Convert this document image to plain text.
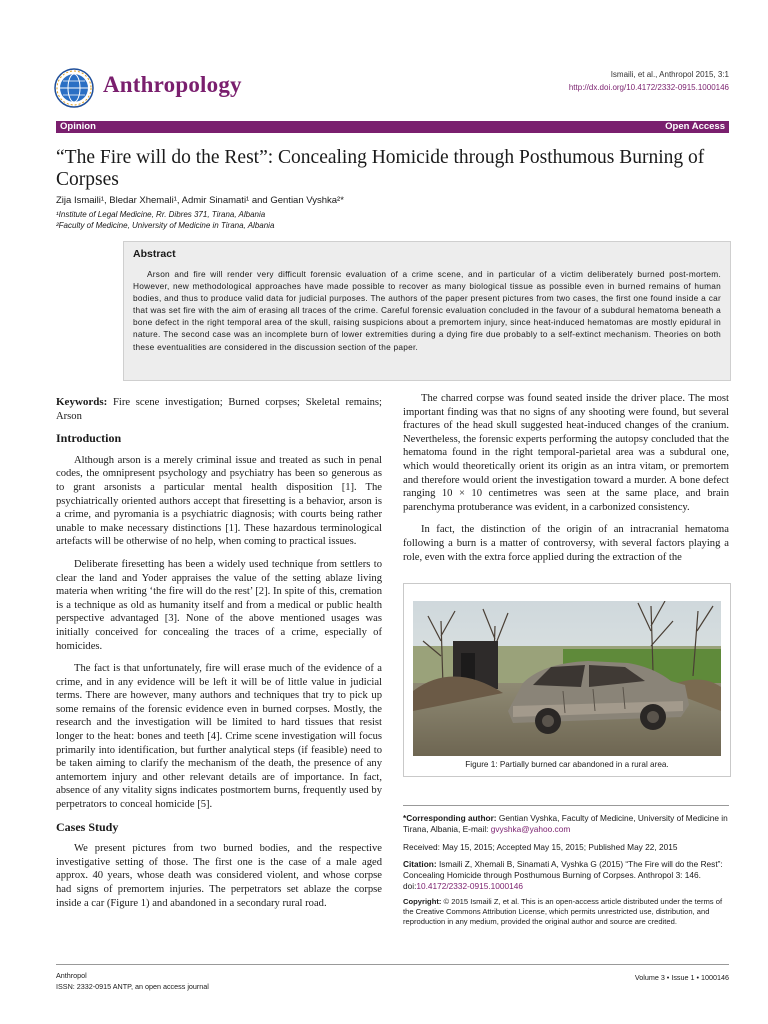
Anthropology	Ismaili, et al., Anthropol 2015, 3:1
http://dx.doi.org/10.4172/2332-0915.1000146
Opinion	Open Access
“The Fire will do the Rest”: Concealing Homicide through Posthumous Burning of Corpses
Zija Ismaili¹, Bledar Xhemali¹, Admir Sinamati¹ and Gentian Vyshka²*
¹Institute of Legal Medicine, Rr. Dibres 371, Tirana, Albania
²Faculty of Medicine, University of Medicine in Tirana, Albania
Abstract
Arson and fire will render very difficult forensic evaluation of a crime scene, and in particular of a victim deliberately burned post-mortem. However, new methodological approaches have made possible to recover as many biological tissue as possible even in burned remains of human bodies, and thus to produce valid data for judicial purposes. The authors of the paper present pictures from two cases, the first one found inside a car that was set fire with the aim of erasing all traces of the crime. Careful forensic evaluation concluded in the favour of a subdural hematoma beneath a bone defect in the right temporal area of the skull, raising suspicions about a premortem injury, since heat-induced hematomas are mostly epidural in nature. The second case was an incomplete burn of lower extremities during a dying fire due probably to a self-extinct mechanism. Theories on both these eventualities are considered in the discussion section of the paper.

Keywords: Fire scene investigation; Burned corpses; Skeletal remains; Arson

Introduction

Although arson is a merely criminal issue and treated as such in penal codes, the omnipresent psychology and psychiatry has been so generous as to grant arsonists a particular mental health disposition [1]. The psychiatrically oriented authors accept that firesetting is a behavior, arson is a crime, and pyromania is a psychiatric diagnosis; with courts being rather unable to make necessary distinctions [1]. These hazardous terminological artefacts will be otherwise of no help, when coming to practical issues.

Deliberate firesetting has been a widely used technique from settlers to clear the land and Yoder appraises the value of the setting ablaze living materia when writing ‘the fire will do the rest’ [2]. In spite of this, cremation is a technique as old as humanity itself and from a medical or public health perspective advantaged [3]. None of the above mentioned usages was initially conceived for concealing the traces of a crime, especially of homicides.

The fact is that unfortunately, fire will erase much of the evidence of a crime, and in any evidence will be left it will be of little value in judicial terms. There are however, many authors and techniques that try to pick up some remains of the forensic evidence even in burned corpses. Mostly, the research and the investigation will be limited to hard tissues that resist longer to the heat: bones and teeth [4]. Crime scene investigation will focus primarily into identification, but further analytical steps (if feasible) need to be taken aiming to clarify the mechanism of the death, the presence of any antemortem injury and other relevant details are of importance. In fact, absence of any vitality signs indicates postmortem burns, frequently used by perpetrators to conceal homicide [5].

Cases Study

We present pictures from two burned bodies, and the respective investigative setting of those. The first one is the case of a male aged approx. 40 years, whose death was considered violent, and whose corpse had signs of premortem injuries. The perpetrators set ablaze the corpse inside a car (Figure 1) and abandoned in a secondary rural road.

The charred corpse was found seated inside the driver place. The most important finding was that no signs of any shooting were found, but several fractures of the head skull suggested heat-induced changes of the cranium. Nevertheless, the forensic experts performing the autopsy concluded that the hematoma found in the right temporal-parietal area was a subdural one, which would theoretically orient its origin as an intra vitam, or premortem and therefore would orient the investigation toward a murder. A bone defect ranging 10 × 10 centimetres was seen at the same place, and brain parenchyma protuberance was evident, in a carbonized consistency.

In fact, the distinction of the origin of an intracranial hematoma following a burn is a matter of controversy, with several factors playing a role, even with the extra force applied during the extraction of the

Figure 1: Partially burned car abandoned in a rural area.
*Corresponding author: Gentian Vyshka, Faculty of Medicine, University of Medicine in Tirana, Albania, E-mail: gvyshka@yahoo.com
Received: May 15, 2015; Accepted May 15, 2015; Published May 22, 2015
Citation: Ismaili Z, Xhemali B, Sinamati A, Vyshka G (2015) “The Fire will do the Rest”: Concealing Homicide through Posthumous Burning of Corpses. Anthropol 3: 146. doi:10.4172/2332-0915.1000146
Copyright: © 2015 Ismaili Z, et al. This is an open-access article distributed under the terms of the Creative Commons Attribution License, which permits unrestricted use, distribution, and reproduction in any medium, provided the original author and source are credited.
Anthropol
ISSN: 2332-0915 ANTP, an open access journal
Volume 3 • Issue 1 • 1000146
